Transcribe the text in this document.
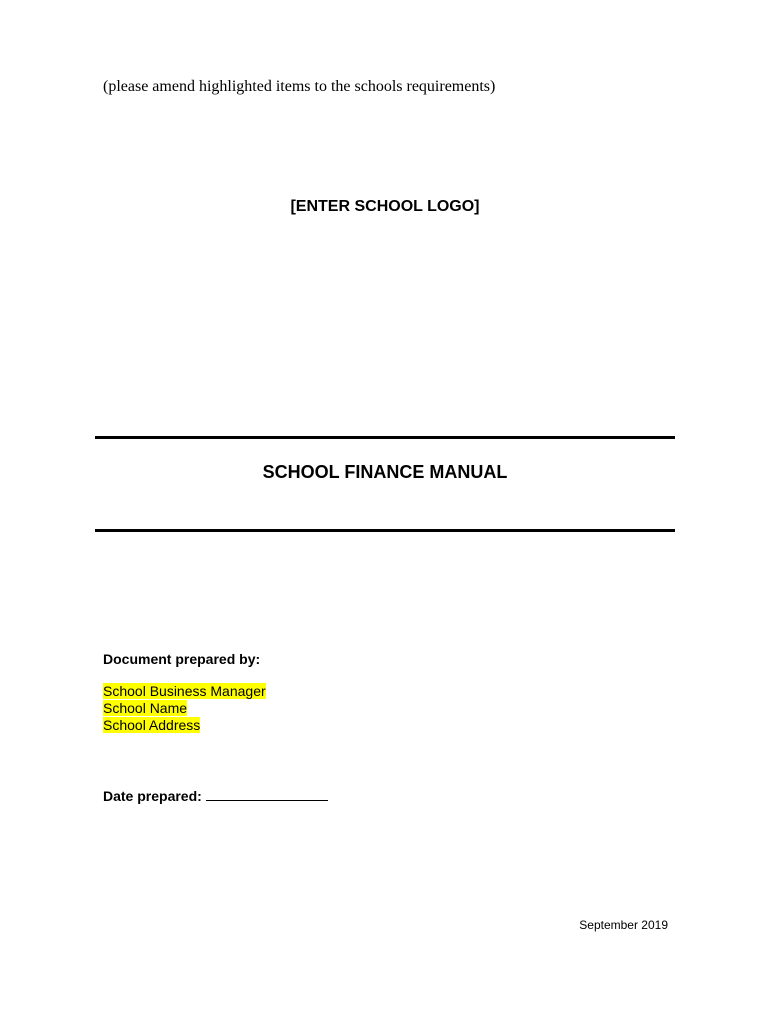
(please amend highlighted items to the schools requirements)
[ENTER SCHOOL LOGO]
SCHOOL FINANCE MANUAL
Document prepared by:
School Business Manager
School Name
School Address
Date prepared:
September 2019
